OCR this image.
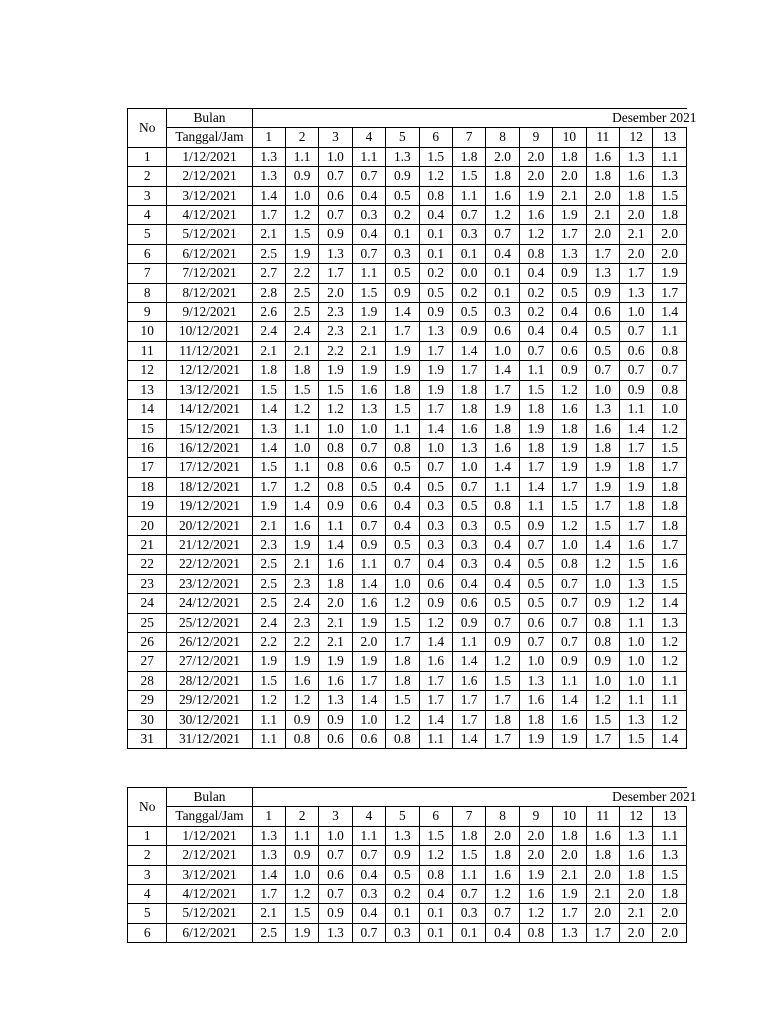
No	Bulan	Desember 2021												
	Tanggal/Jam	1	2	3	4	5	6	7	8	9	10	11	12	13
1	1/12/2021	1.3	1.1	1.0	1.1	1.3	1.5	1.8	2.0	2.0	1.8	1.6	1.3	1.1
2	2/12/2021	1.3	0.9	0.7	0.7	0.9	1.2	1.5	1.8	2.0	2.0	1.8	1.6	1.3
3	3/12/2021	1.4	1.0	0.6	0.4	0.5	0.8	1.1	1.6	1.9	2.1	2.0	1.8	1.5
4	4/12/2021	1.7	1.2	0.7	0.3	0.2	0.4	0.7	1.2	1.6	1.9	2.1	2.0	1.8
5	5/12/2021	2.1	1.5	0.9	0.4	0.1	0.1	0.3	0.7	1.2	1.7	2.0	2.1	2.0
6	6/12/2021	2.5	1.9	1.3	0.7	0.3	0.1	0.1	0.4	0.8	1.3	1.7	2.0	2.0
7	7/12/2021	2.7	2.2	1.7	1.1	0.5	0.2	0.0	0.1	0.4	0.9	1.3	1.7	1.9
8	8/12/2021	2.8	2.5	2.0	1.5	0.9	0.5	0.2	0.1	0.2	0.5	0.9	1.3	1.7
9	9/12/2021	2.6	2.5	2.3	1.9	1.4	0.9	0.5	0.3	0.2	0.4	0.6	1.0	1.4
10	10/12/2021	2.4	2.4	2.3	2.1	1.7	1.3	0.9	0.6	0.4	0.4	0.5	0.7	1.1
11	11/12/2021	2.1	2.1	2.2	2.1	1.9	1.7	1.4	1.0	0.7	0.6	0.5	0.6	0.8
12	12/12/2021	1.8	1.8	1.9	1.9	1.9	1.9	1.7	1.4	1.1	0.9	0.7	0.7	0.7
13	13/12/2021	1.5	1.5	1.5	1.6	1.8	1.9	1.8	1.7	1.5	1.2	1.0	0.9	0.8
14	14/12/2021	1.4	1.2	1.2	1.3	1.5	1.7	1.8	1.9	1.8	1.6	1.3	1.1	1.0
15	15/12/2021	1.3	1.1	1.0	1.0	1.1	1.4	1.6	1.8	1.9	1.8	1.6	1.4	1.2
16	16/12/2021	1.4	1.0	0.8	0.7	0.8	1.0	1.3	1.6	1.8	1.9	1.8	1.7	1.5
17	17/12/2021	1.5	1.1	0.8	0.6	0.5	0.7	1.0	1.4	1.7	1.9	1.9	1.8	1.7
18	18/12/2021	1.7	1.2	0.8	0.5	0.4	0.5	0.7	1.1	1.4	1.7	1.9	1.9	1.8
19	19/12/2021	1.9	1.4	0.9	0.6	0.4	0.3	0.5	0.8	1.1	1.5	1.7	1.8	1.8
20	20/12/2021	2.1	1.6	1.1	0.7	0.4	0.3	0.3	0.5	0.9	1.2	1.5	1.7	1.8
21	21/12/2021	2.3	1.9	1.4	0.9	0.5	0.3	0.3	0.4	0.7	1.0	1.4	1.6	1.7
22	22/12/2021	2.5	2.1	1.6	1.1	0.7	0.4	0.3	0.4	0.5	0.8	1.2	1.5	1.6
23	23/12/2021	2.5	2.3	1.8	1.4	1.0	0.6	0.4	0.4	0.5	0.7	1.0	1.3	1.5
24	24/12/2021	2.5	2.4	2.0	1.6	1.2	0.9	0.6	0.5	0.5	0.7	0.9	1.2	1.4
25	25/12/2021	2.4	2.3	2.1	1.9	1.5	1.2	0.9	0.7	0.6	0.7	0.8	1.1	1.3
26	26/12/2021	2.2	2.2	2.1	2.0	1.7	1.4	1.1	0.9	0.7	0.7	0.8	1.0	1.2
27	27/12/2021	1.9	1.9	1.9	1.9	1.8	1.6	1.4	1.2	1.0	0.9	0.9	1.0	1.2
28	28/12/2021	1.5	1.6	1.6	1.7	1.8	1.7	1.6	1.5	1.3	1.1	1.0	1.0	1.1
29	29/12/2021	1.2	1.2	1.3	1.4	1.5	1.7	1.7	1.7	1.6	1.4	1.2	1.1	1.1
30	30/12/2021	1.1	0.9	0.9	1.0	1.2	1.4	1.7	1.8	1.8	1.6	1.5	1.3	1.2
31	31/12/2021	1.1	0.8	0.6	0.6	0.8	1.1	1.4	1.7	1.9	1.9	1.7	1.5	1.4
No	Bulan	Desember 2021												
	Tanggal/Jam	1	2	3	4	5	6	7	8	9	10	11	12	13
1	1/12/2021	1.3	1.1	1.0	1.1	1.3	1.5	1.8	2.0	2.0	1.8	1.6	1.3	1.1
2	2/12/2021	1.3	0.9	0.7	0.7	0.9	1.2	1.5	1.8	2.0	2.0	1.8	1.6	1.3
3	3/12/2021	1.4	1.0	0.6	0.4	0.5	0.8	1.1	1.6	1.9	2.1	2.0	1.8	1.5
4	4/12/2021	1.7	1.2	0.7	0.3	0.2	0.4	0.7	1.2	1.6	1.9	2.1	2.0	1.8
5	5/12/2021	2.1	1.5	0.9	0.4	0.1	0.1	0.3	0.7	1.2	1.7	2.0	2.1	2.0
6	6/12/2021	2.5	1.9	1.3	0.7	0.3	0.1	0.1	0.4	0.8	1.3	1.7	2.0	2.0
